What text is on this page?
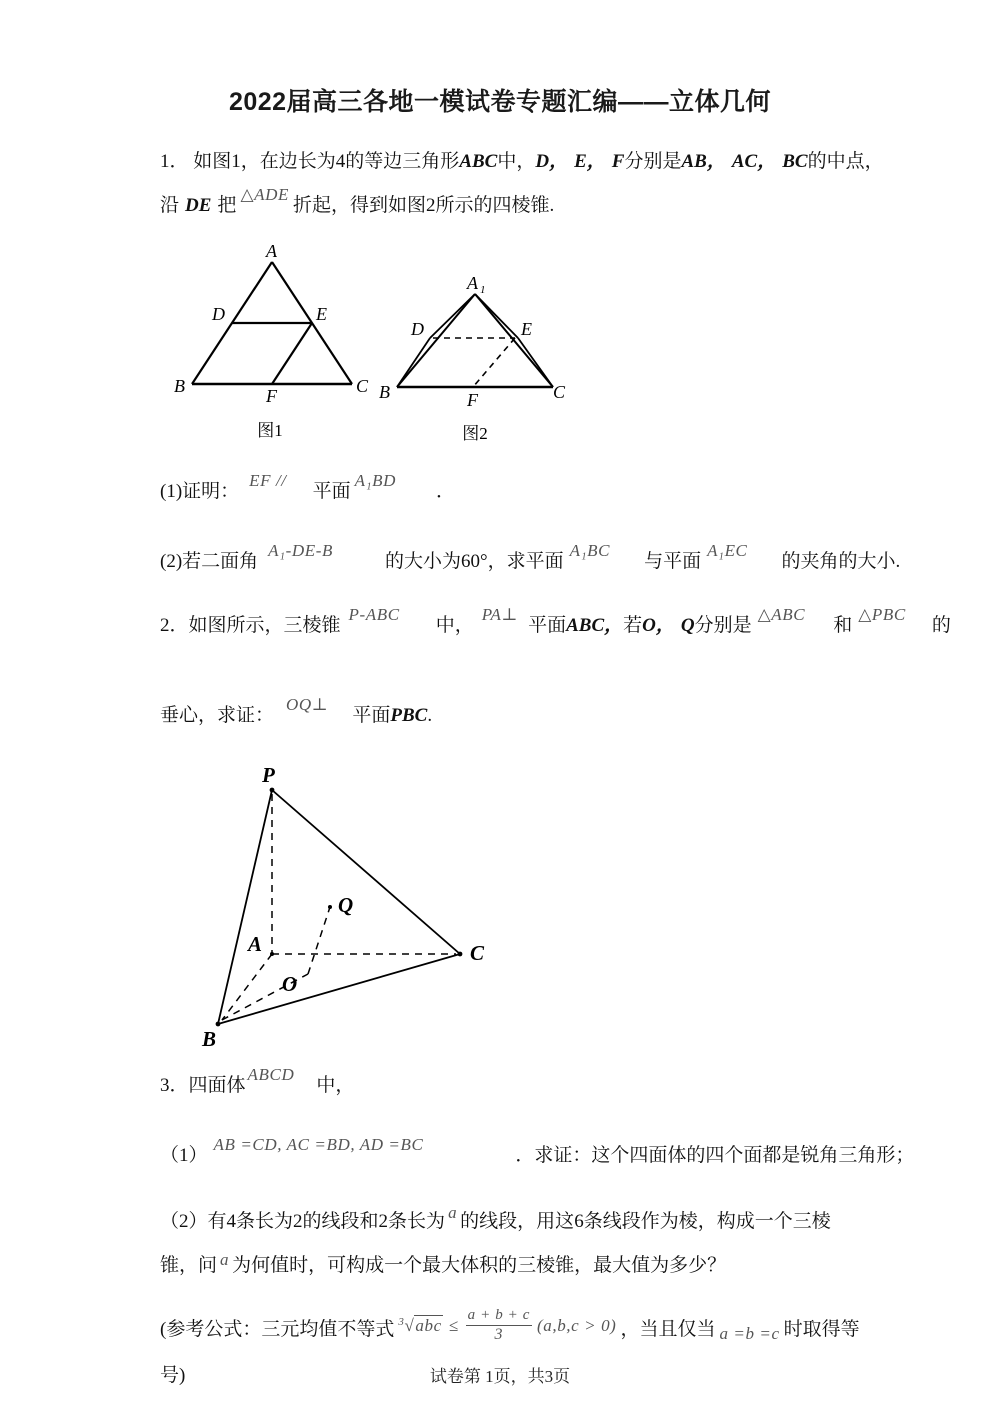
2022届高三各地一模试卷专题汇编——立体几何
1． 如图1，在边长为4的等边三角形ABC中，D， E， F分别是AB， AC， BC的中点，
沿 DE 把△ADE折起，得到如图2所示的四棱锥.
A
D	E
B	F	C
图1
A 1
D	E
B	F	C
图2
(1)证明：EF //平面A₁BD．
(2)若二面角A₁-DE-B的大小为60°，求平面A₁BC与平面A₁EC的夹角的大小.
2．如图所示，三棱锥P-ABC中，PA⊥平面ABC，若O， Q分别是△ABC和△PBC的
垂心，求证：OQ⊥平面PBC.
P
Q
A	C
O
B
3．四面体ABCD中，
（1）AB =CD, AC =BD, AD =BC．求证：这个四面体的四个面都是锐角三角形；
（2）有4条长为2的线段和2条长为 a 的线段，用这6条线段作为棱，构成一个三棱
锥，问 a 为何值时，可构成一个最大体积的三棱锥，最大值为多少？
(参考公式：三元均值不等式 $^3√abc \le \frac{a + b + c}{3} (a,b,c > 0)$ ，当且仅当 a =b =c 时取得等
号)	试卷第 1页，共3页
